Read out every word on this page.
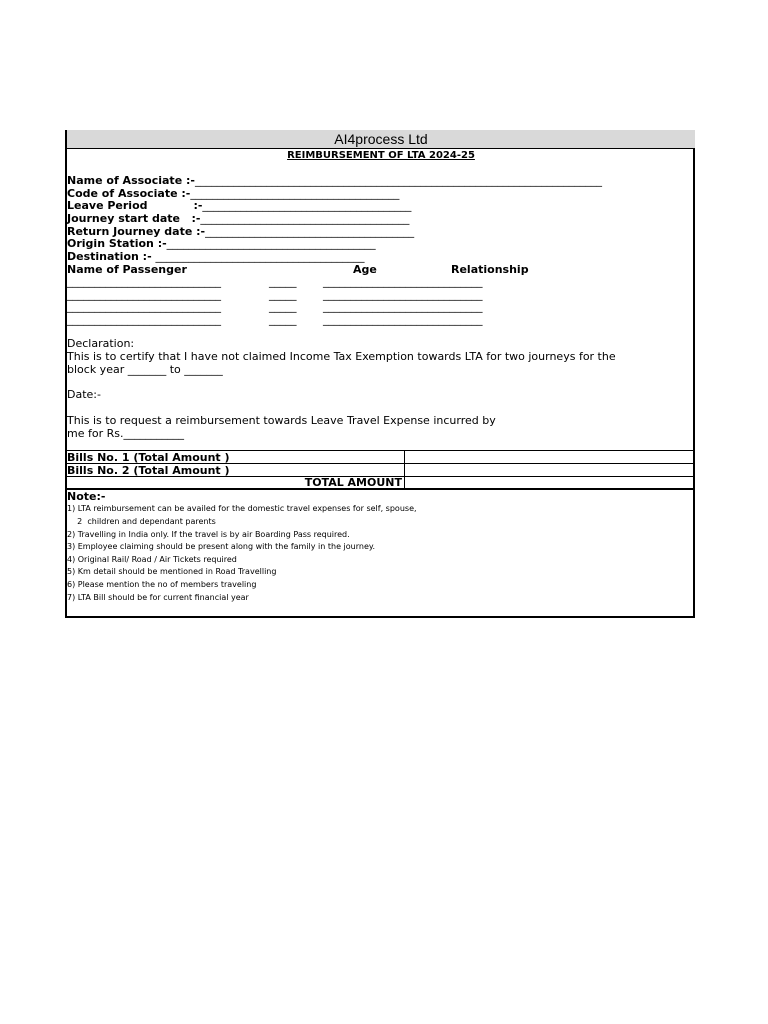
AI4process Ltd
REIMBURSEMENT OF LTA 2024-25
Name of Associate :-__________________________________________________________________________
Code of Associate :-______________________________________
Leave Period            :-______________________________________
Journey start date   :-______________________________________
Return Journey date :-______________________________________
Origin Station :-______________________________________
Destination :- ______________________________________
Name of Passenger	Age	Relationship
____________________________	_____ _____________________________
____________________________	_____ _____________________________
____________________________	_____ _____________________________
____________________________	_____ _____________________________
Declaration:
This is to certify that I have not claimed Income Tax Exemption towards LTA for two journeys for the
block year _______ to _______
Date:-
This is to request a reimbursement towards Leave Travel Expense incurred by
me for Rs.___________
Bills No. 1 (Total Amount )
Bills No. 2 (Total Amount )
TOTAL AMOUNT
Note:-
1) LTA reimbursement can be availed for the domestic travel expenses for self, spouse,
2  children and dependant parents
2) Travelling in India only. If the travel is by air Boarding Pass required.
3) Employee claiming should be present along with the family in the journey.
4) Original Rail/ Road / Air Tickets required
5) Km detail should be mentioned in Road Travelling
6) Please mention the no of members traveling
7) LTA Bill should be for current financial year
